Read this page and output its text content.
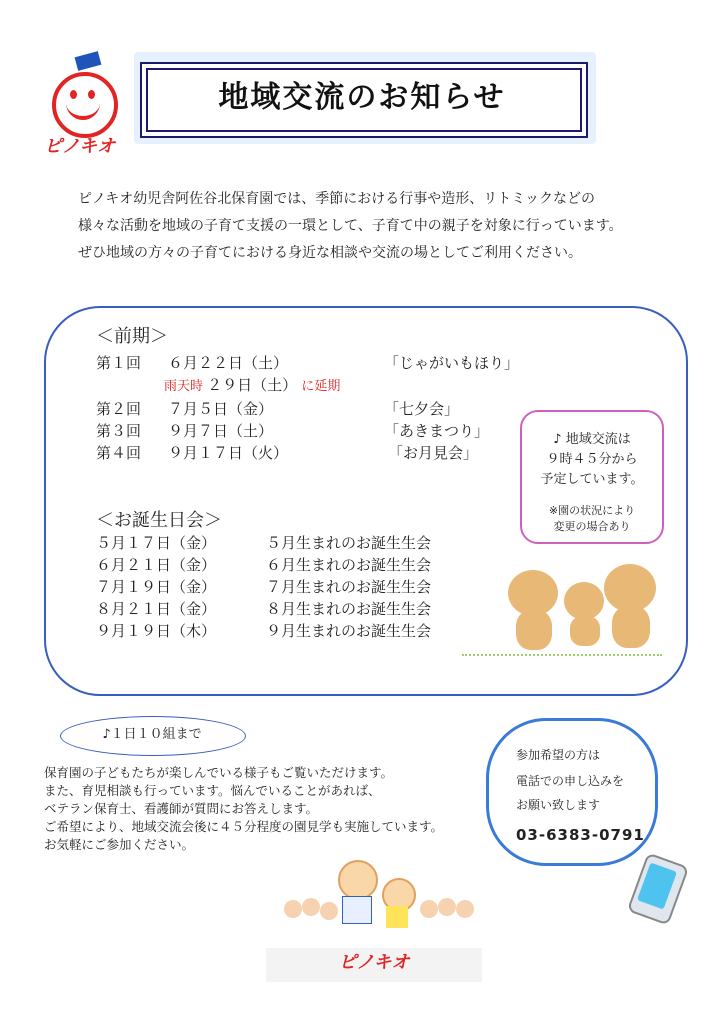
ピノキオ
地域交流のお知らせ

ピノキオ幼児舎阿佐谷北保育園では、季節における行事や造形、リトミックなどの

様々な活動を地域の子育て支援の一環として、子育て中の親子を対象に行っています。

ぜひ地域の方々の子育てにおける身近な相談や交流の場としてご利用ください。

＜前期＞
第１回 ６月２２日（土）	「じゃがいもほり」
雨天時 ２９日（土） に延期
第２回 ７月５日（金）	「七夕会」
第３回 ９月７日（土）	「あきまつり」
第４回 ９月１７日（火）	「お月見会」
♪ 地域交流は
９時４５分から
予定しています。
※園の状況により
変更の場合あり
＜お誕生日会＞
５月１７日（金）	５月生まれのお誕生生会
６月２１日（金）	６月生まれのお誕生生会
７月１９日（金）	７月生まれのお誕生生会
８月２１日（金）	８月生まれのお誕生生会
９月１９日（木）	９月生まれのお誕生生会
♪１日１０組まで
保育園の子どもたちが楽しんでいる様子もご覧いただけます。
また、育児相談も行っています。悩んでいることがあれば、
ベテラン保育士、看護師が質問にお答えします。
ご希望により、地域交流会後に４５分程度の園見学も実施しています。
お気軽にご参加ください。
参加希望の方は
電話での申し込みを
お願い致します
03-6383-0791
ピノキオ
